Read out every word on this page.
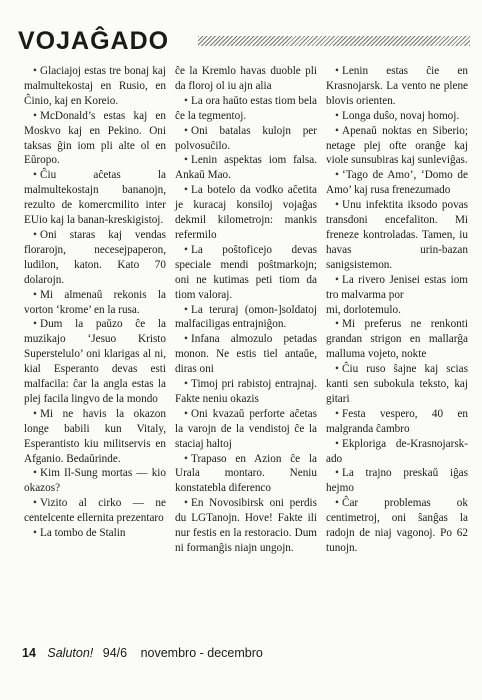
VOJAĜADO

• Glaciajoj estas tre bonaj kaj malmultekostaj en Rusio, en Ĉinio, kaj en Koreio.

• McDonald’s estas kaj en Moskvo kaj en Pekino. Oni taksas ĝin iom pli alte ol en Eŭropo.

• Ĉiu aĉetas la malmultekostajn bananojn, rezulto de komercmilito inter EUio kaj la banan-kreskigistoj.

• Oni staras kaj vendas florarojn, necesejpaperon, ludilon, katon. Kato 70 dolarojn.

• Mi almenaŭ rekonis la vorton ‘krome’ en la rusa.

• Dum la paŭzo ĉe la muzikajo ‘Jesuo Kristo Superstelulo’ oni klarigas al ni, kial Esperanto devas esti malfacila: ĉar la angla estas la plej facila lingvo de la mondo

• Mi ne havis la okazon longe babili kun Vitaly, Esperantisto kiu militservis en Afganio. Bedaŭrinde.

• Kim Il-Sung mortas — kio okazos?

• Vizito al cirko — ne centelcente ellernita prezentaro

• La tombo de Stalin

ĉe la Kremlo havas duoble pli da floroj ol iu ajn alia

• La ora haŭto estas tiom bela ĉe la tegmentoj.

• Oni batalas kulojn per polvosuĉilo.

• Lenin aspektas iom falsa. Ankaŭ Mao.

• La botelo da vodko aĉetita je kuracaj konsiloj vojaĝas dekmil kilometrojn: mankis refermilo

• La poŝtoficejo devas speciale mendi poŝtmarkojn; oni ne kutimas peti tiom da tiom valoraj.

• La teruraj (omon-]soldatoj malfaciligas entrajniĝon.

• Infana almozulo petadas monon. Ne estis tiel antaŭe, diras oni

• Timoj pri rabistoj entrajnaj. Fakte neniu okazis

• Oni kvazaŭ perforte aĉetas la varojn de la vendistoj ĉe la staciaj haltoj

• Trapaso en Azion ĉe la Urala montaro. Neniu konstatebla diferenco

• En Novosibirsk oni perdis du LGTanojn. Hove! Fakte ili nur festis en la restoracio. Dum ni formanĝis niajn ungojn.

• Lenin estas ĉie en Krasnojarsk. La vento ne plene blovis orienten.

• Longa duŝo, novaj homoj.

• Apenaŭ noktas en Siberio; netage plej ofte oranĝe kaj viole sunsubiras kaj sunleviĝas.

• ‘Tago de Amo’, ‘Domo de Amo’ kaj rusa frenezumado

• Unu infektita iksodo povas transdoni encefaliton. Mi freneze kontroladas. Tamen, iu havas urin-bazan sanigsistemon.

• La rivero Jenisei estas iom tro malvarma por

mi, dorlotemulo.

• Mi preferus ne renkonti grandan strigon en mallarĝa malluma vojeto, nokte

• Ĉiu ruso ŝajne kaj scias kanti sen subokula teksto, kaj gitari

• Festa vespero, 40 en malgranda ĉambro

• Ekploriga de-Krasnojarsk-ado

• La trajno preskaŭ iĝas hejmo

• Ĉar problemas ok centimetroj, oni ŝanĝas la radojn de niaj vagonoj. Po 62 tunojn.

14 Saluton! 94/6 novembro - decembro
